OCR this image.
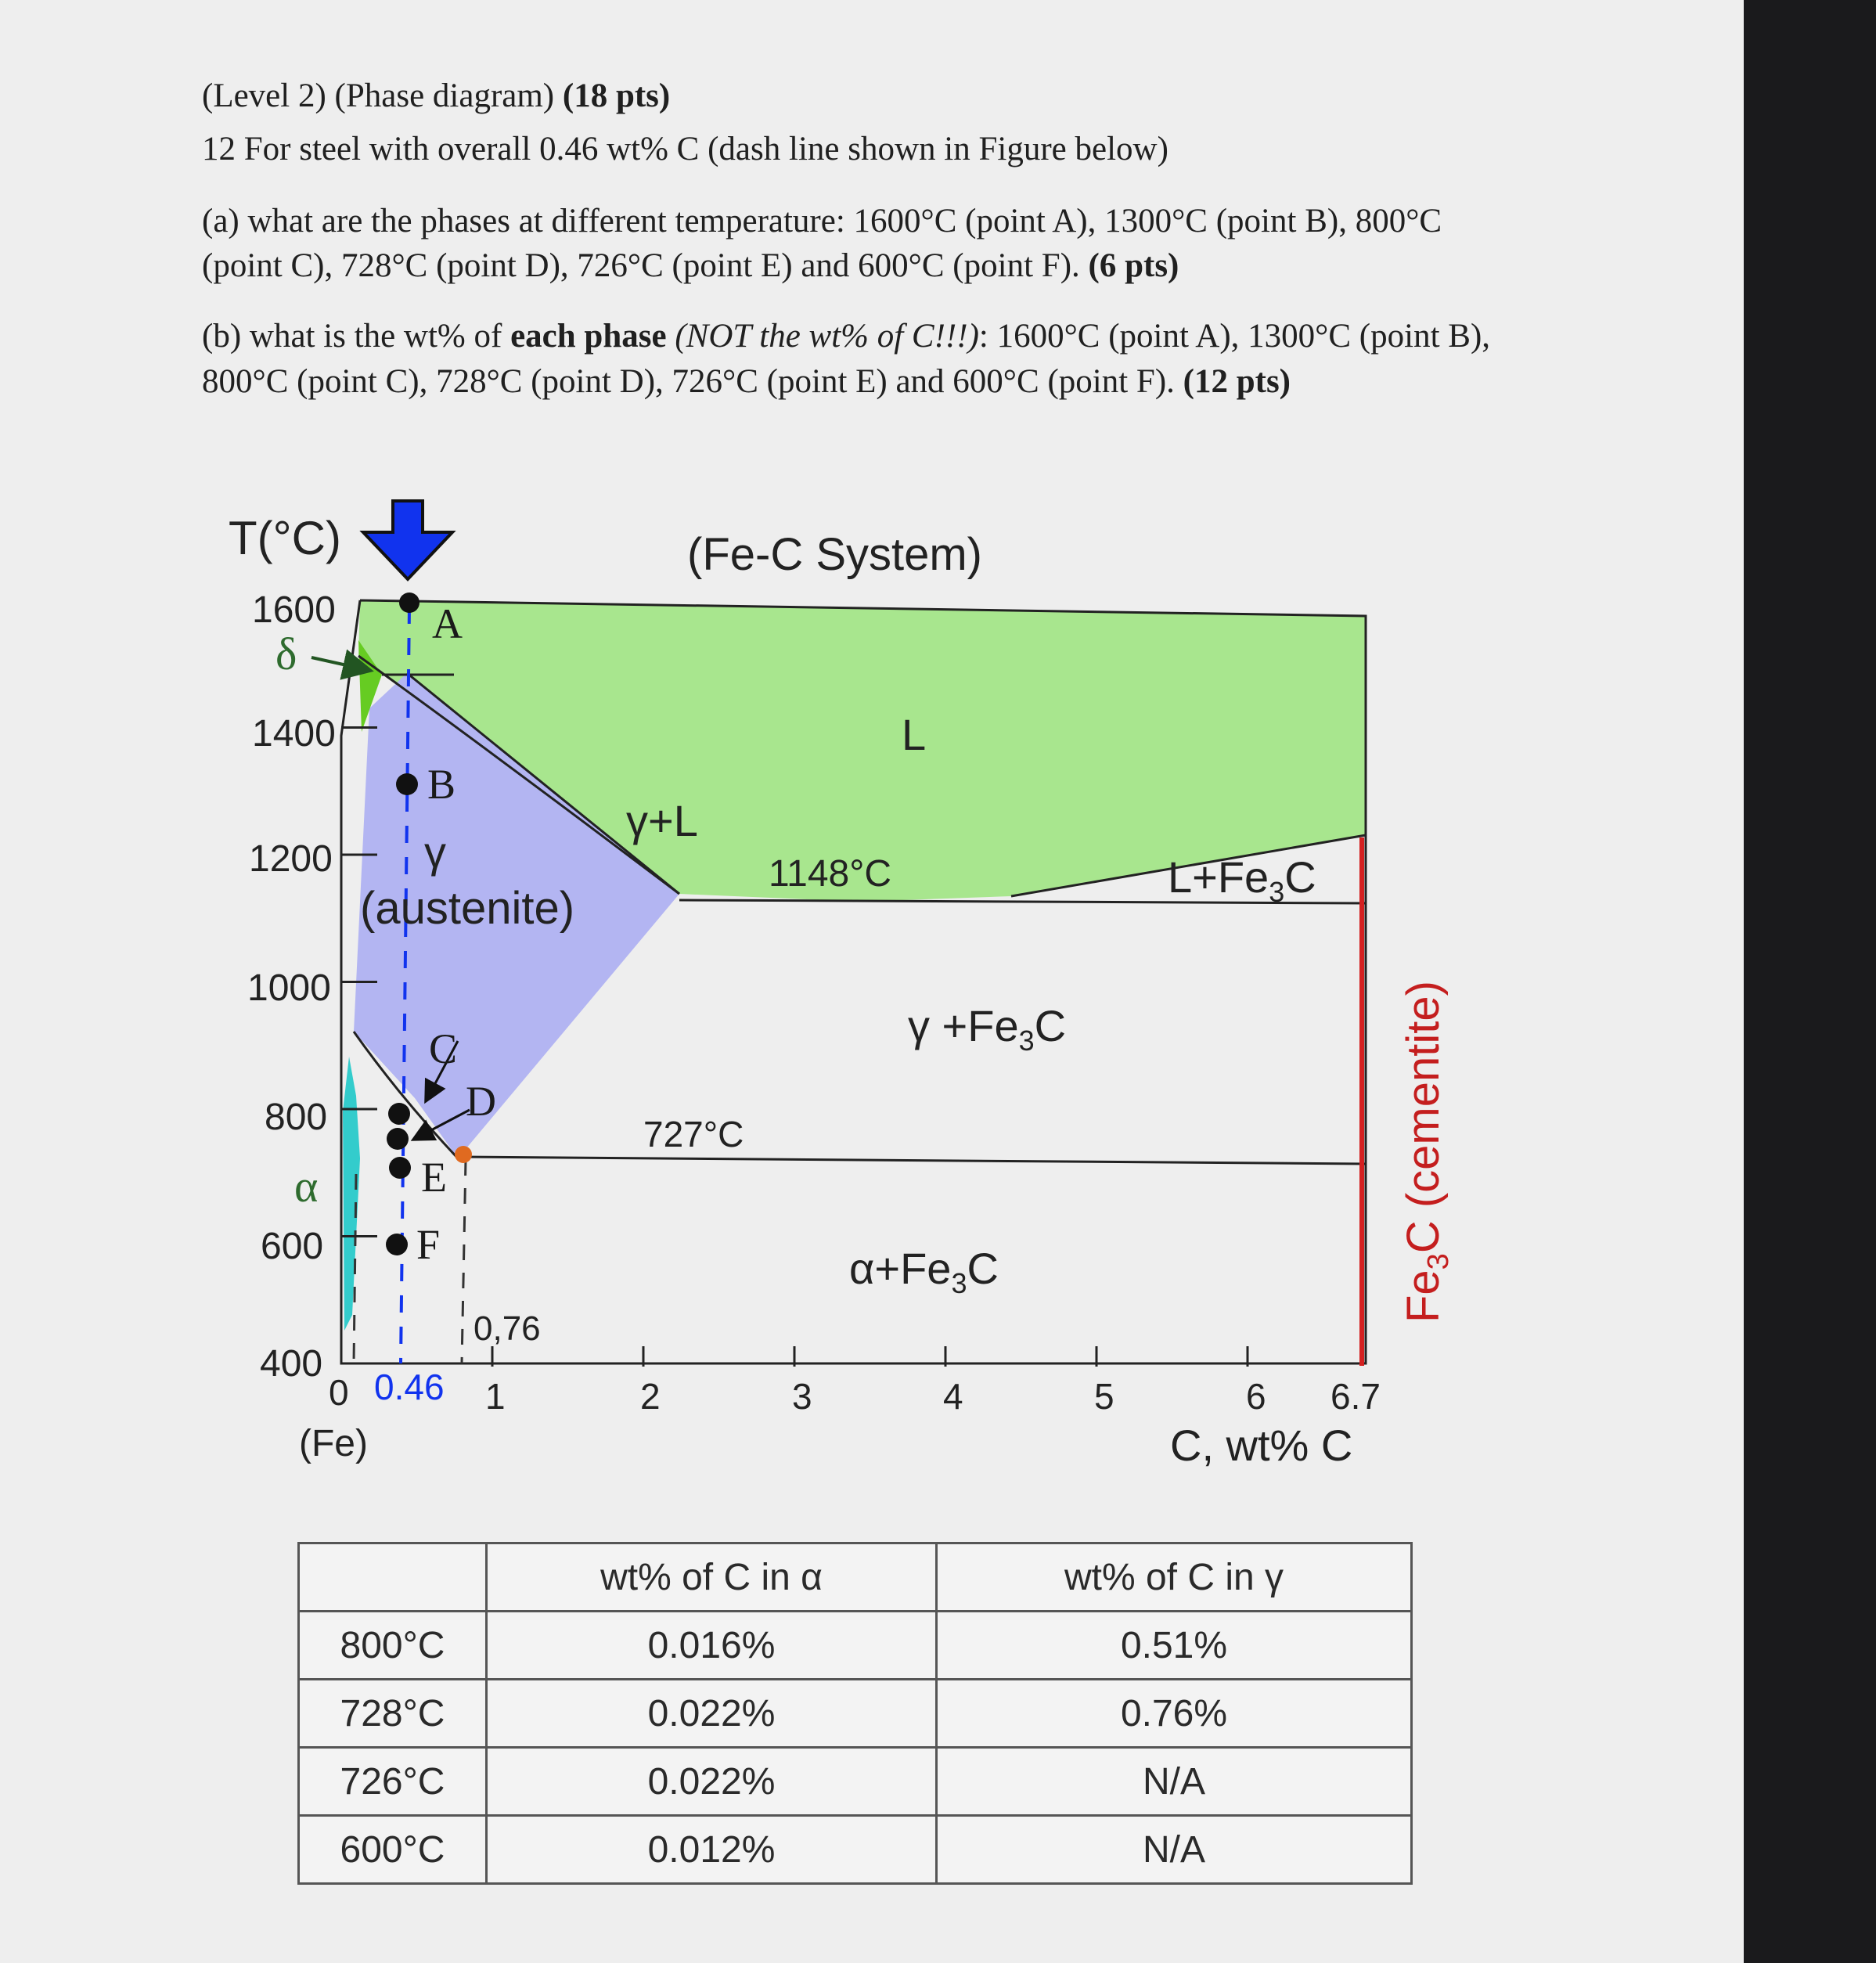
(Level 2) (Phase diagram) (18 pts)
12 For steel with overall 0.46 wt% C (dash line shown in Figure below)
(a) what are the phases at different temperature: 1600°C (point A), 1300°C (point B), 800°C
(point C), 728°C (point D), 726°C (point E) and 600°C (point F). (6 pts)
(b) what is the wt% of each phase (NOT the wt% of C!!!): 1600°C (point A), 1300°C (point B),
800°C (point C), 728°C (point D), 726°C (point E) and 600°C (point F). (12 pts)
T(°C)	(Fe-C System)
1600
1400
1200
1000
800
600
400
0 0.46 1	2	3	4	5	6 6.7
(Fe)	C, wt% C
0,76
L
γ+L
γ
(austenite)
1148°C
727°C
$L+Fe_3C$
$\gamma +Fe_3C$
$\alpha+Fe_3C$
δ
α
$Fe_3C$ (cementite)
A
B
C
D
E
F
	wt% of C in α	wt% of C in γ
800°C	0.016%	0.51%
728°C	0.022%	0.76%
726°C	0.022%	N/A
600°C	0.012%	N/A
